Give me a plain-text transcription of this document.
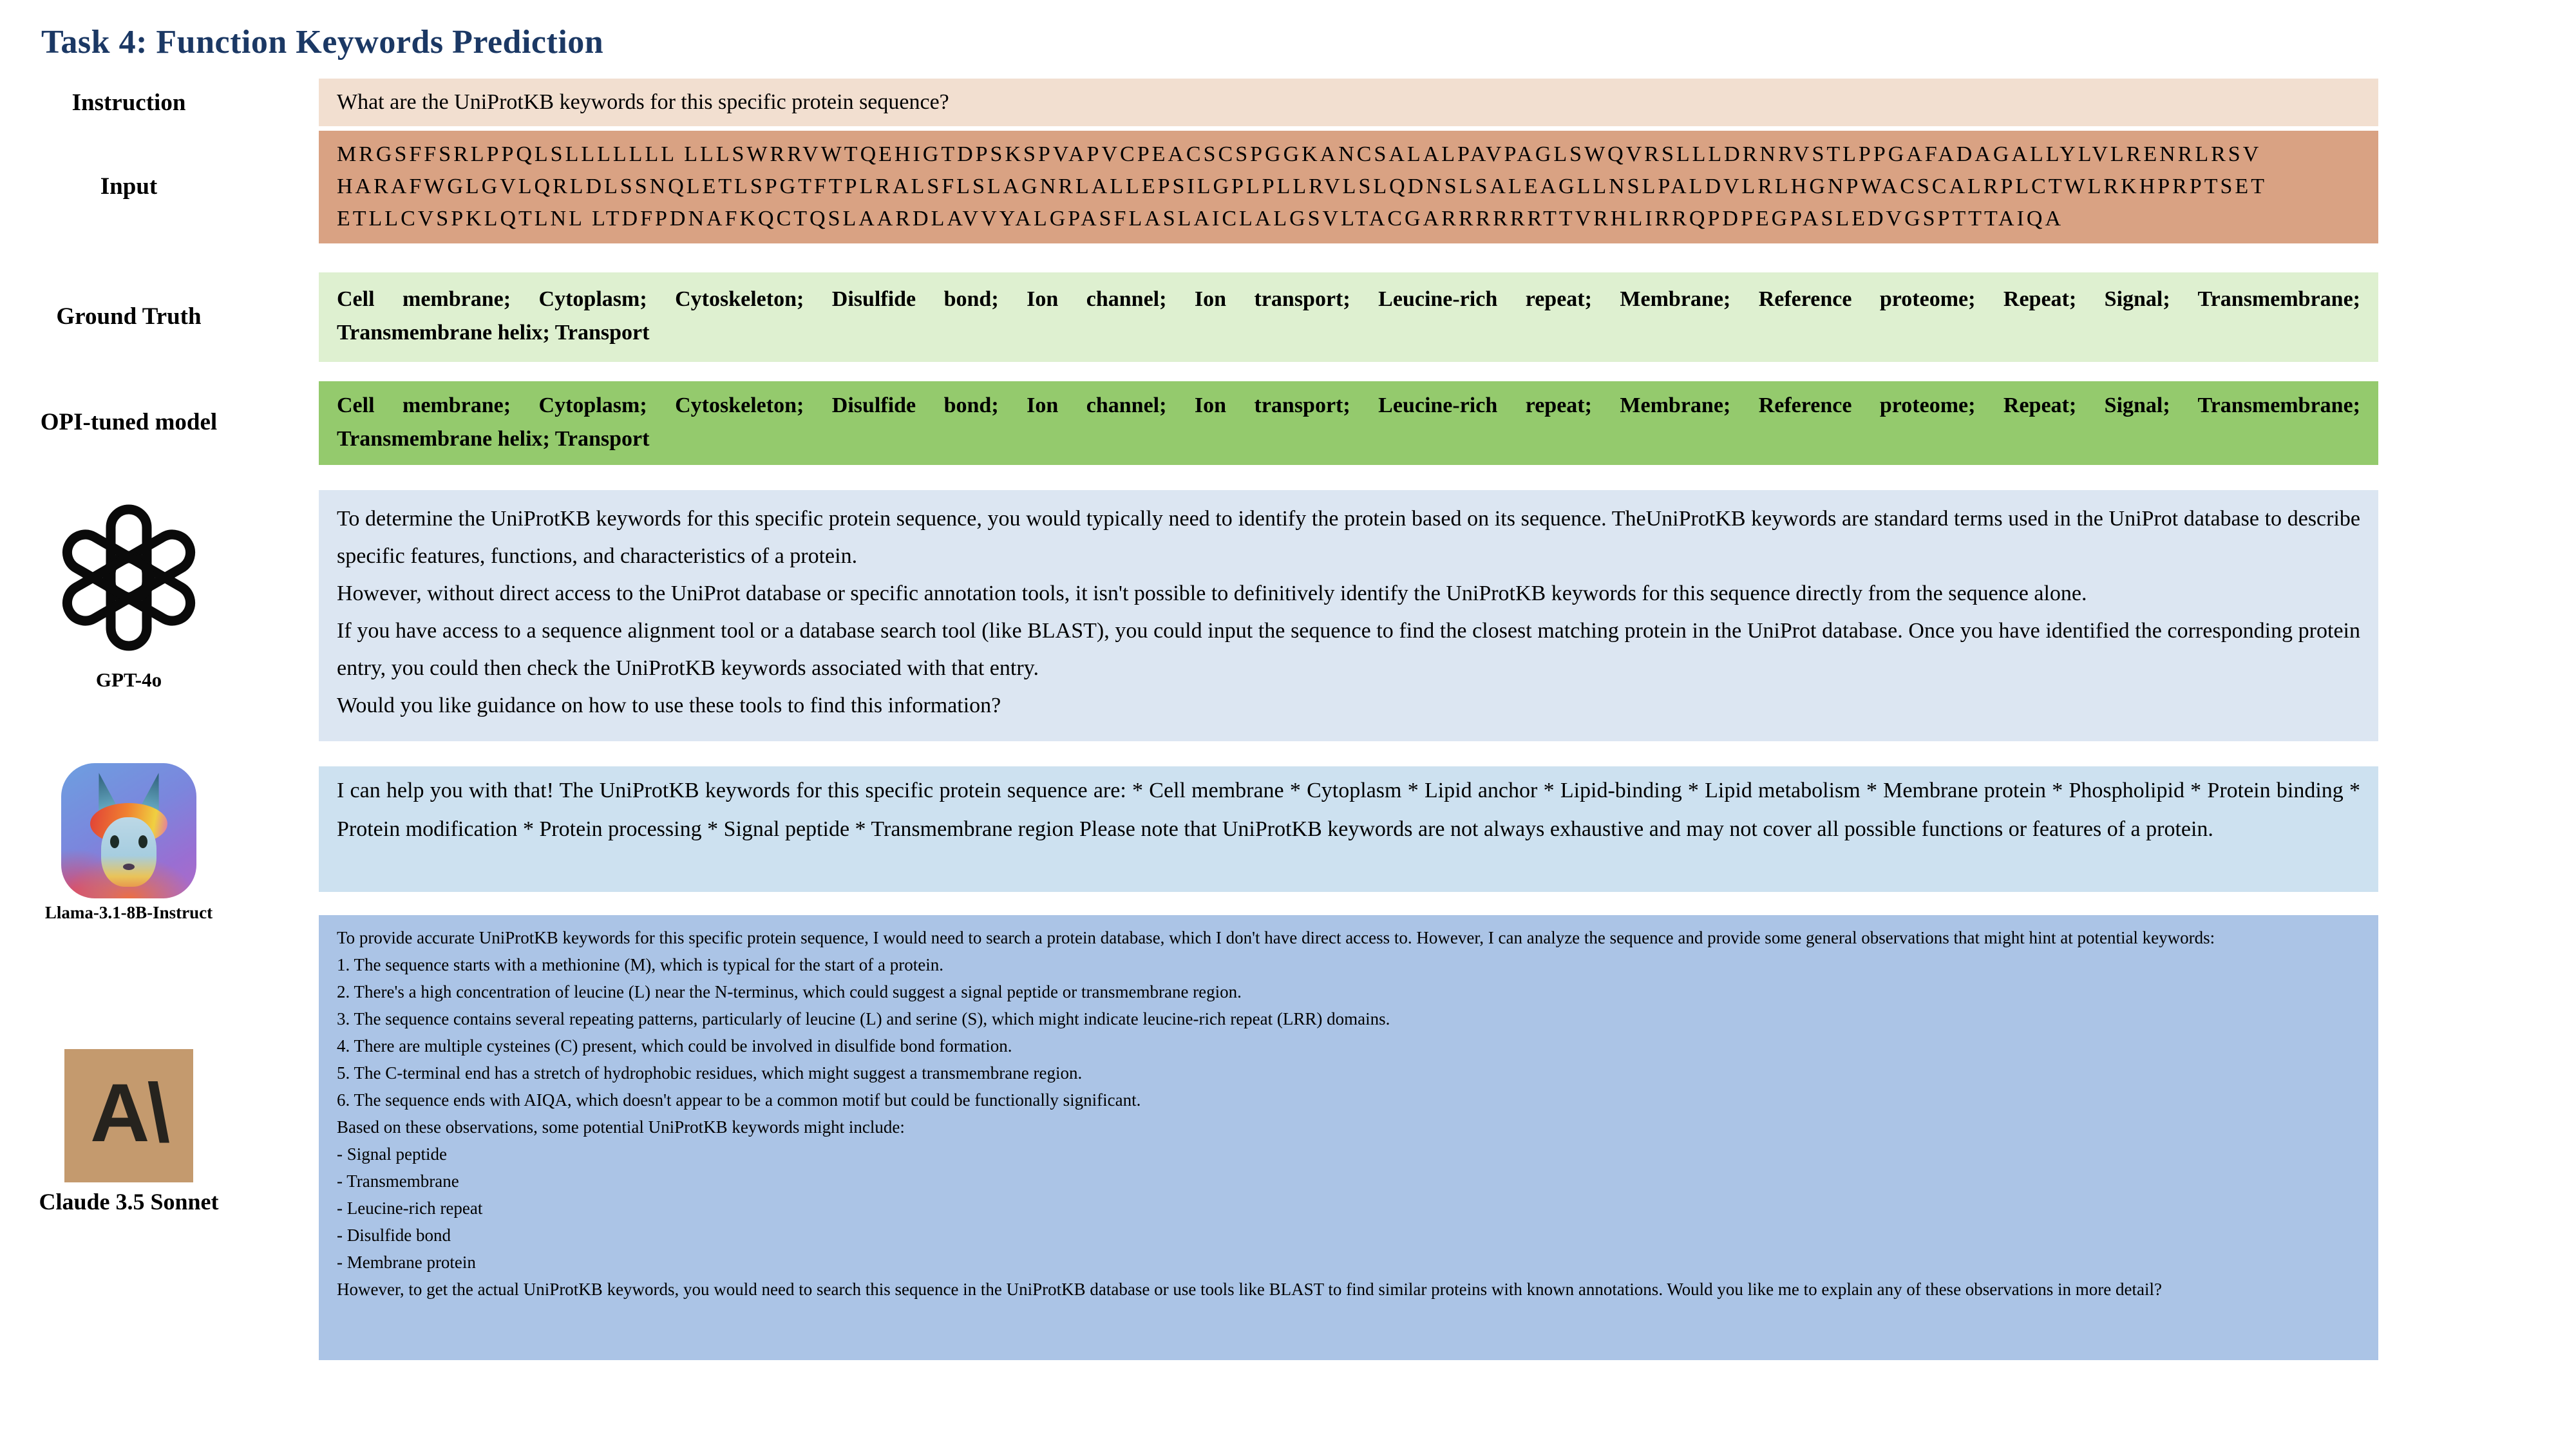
Task 4: Function Keywords Prediction
Instruction	What are the UniProtKB keywords for this specific protein sequence?
Input
MRGSFFSRLPPQLSLLLLLLL LLLSWRRVWTQEHIGTDPSKSPVAPVCPEACSCSPGGKANCSALALPAVPAGLSWQVRSLLLDRNRVSTLPPGAFADAGALLYLVLRENRLRSV
HARAFWGLGVLQRLDLSSNQLETLSPGTFTPLRALSFLSLAGNRLALLEPSILGPLPLLRVLSLQDNSLSALEAGLLNSLPALDVLRLHGNPWACSCALRPLCTWLRKHPRPTSET
ETLLCVSPKLQTLNL LTDFPDNAFKQCTQSLAARDLAVVYALGPASFLASLAICLALGSVLTACGARRRRRRTTVRHLIRRQPDPEGPASLEDVGSPTTTAIQA
Ground Truth
Cell membrane; Cytoplasm; Cytoskeleton; Disulfide bond; Ion channel; Ion transport; Leucine-rich repeat; Membrane; Reference proteome; Repeat; Signal; Transmembrane;
Transmembrane helix; Transport
OPI-tuned model
Cell membrane; Cytoplasm; Cytoskeleton; Disulfide bond; Ion channel; Ion transport; Leucine-rich repeat; Membrane; Reference proteome; Repeat; Signal; Transmembrane;
Transmembrane helix; Transport
GPT-4o
To determine the UniProtKB keywords for this specific protein sequence, you would typically need to identify the protein based on its sequence. TheUniProtKB keywords are standard terms used in the UniProt database to describe specific features, functions, and characteristics of a protein.
However, without direct access to the UniProt database or specific annotation tools, it isn't possible to definitively identify the UniProtKB keywords for this sequence directly from the sequence alone.
If you have access to a sequence alignment tool or a database search tool (like BLAST), you could input the sequence to find the closest matching protein in the UniProt database. Once you have identified the corresponding protein entry, you could then check the UniProtKB keywords associated with that entry.
Would you like guidance on how to use these tools to find this information?
Llama-3.1-8B-Instruct
I can help you with that! The UniProtKB keywords for this specific protein sequence are: * Cell membrane * Cytoplasm * Lipid anchor * Lipid-binding * Lipid metabolism * Membrane protein * Phospholipid * Protein binding * Protein modification * Protein processing * Signal peptide * Transmembrane region Please note that UniProtKB keywords are not always exhaustive and may not cover all possible functions or features of a protein.
A\
Claude 3.5 Sonnet
To provide accurate UniProtKB keywords for this specific protein sequence, I would need to search a protein database, which I don't have direct access to. However, I can analyze the sequence and provide some general observations that might hint at potential keywords:
1. The sequence starts with a methionine (M), which is typical for the start of a protein.
2. There's a high concentration of leucine (L) near the N-terminus, which could suggest a signal peptide or transmembrane region.
3. The sequence contains several repeating patterns, particularly of leucine (L) and serine (S), which might indicate leucine-rich repeat (LRR) domains.
4. There are multiple cysteines (C) present, which could be involved in disulfide bond formation.
5. The C-terminal end has a stretch of hydrophobic residues, which might suggest a transmembrane region.
6. The sequence ends with AIQA, which doesn't appear to be a common motif but could be functionally significant.
Based on these observations, some potential UniProtKB keywords might include:
- Signal peptide
- Transmembrane
- Leucine-rich repeat
- Disulfide bond
- Membrane protein
However, to get the actual UniProtKB keywords, you would need to search this sequence in the UniProtKB database or use tools like BLAST to find similar proteins with known annotations. Would you like me to explain any of these observations in more detail?
